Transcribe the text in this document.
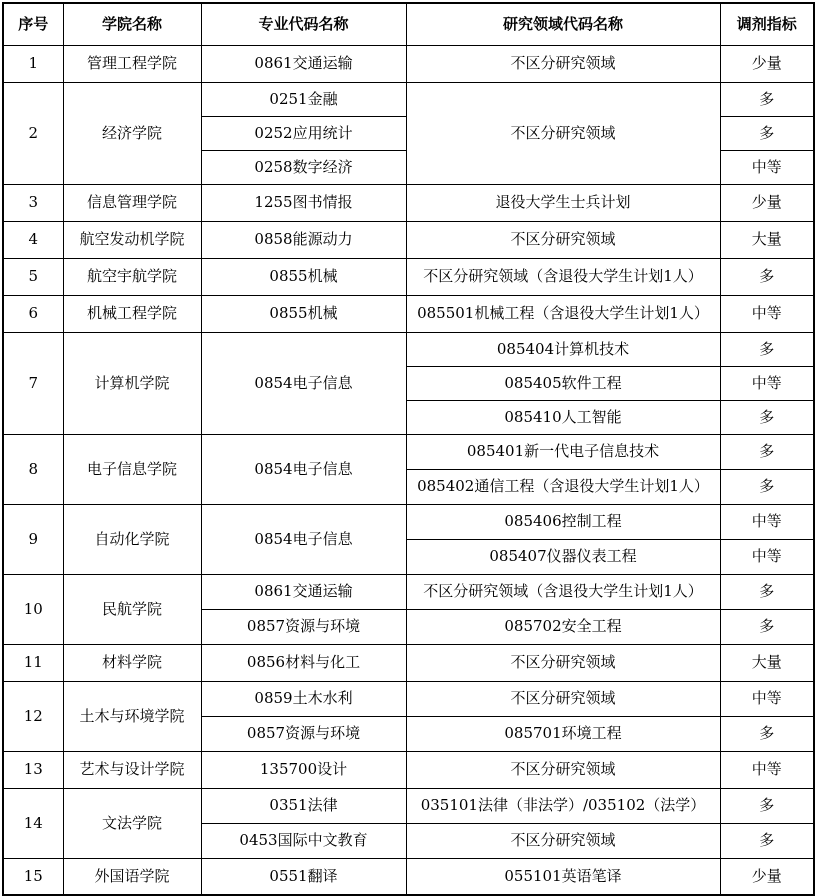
序号	学院名称	专业代码名称	研究领域代码名称	调剂指标
1	管理工程学院	0861交通运输	不区分研究领域	少量
2	经济学院	0251金融	不区分研究领域	多
		0252应用统计		多
		0258数字经济		中等
3	信息管理学院	1255图书情报	退役大学生士兵计划	少量
4	航空发动机学院	0858能源动力	不区分研究领域	大量
5	航空宇航学院	0855机械	不区分研究领域（含退役大学生计划1人）	多
6	机械工程学院	0855机械	085501机械工程（含退役大学生计划1人）	中等
7	计算机学院	0854电子信息	085404计算机技术	多
			085405软件工程	中等
			085410人工智能	多
8	电子信息学院	0854电子信息	085401新一代电子信息技术	多
			085402通信工程（含退役大学生计划1人）	多
9	自动化学院	0854电子信息	085406控制工程	中等
			085407仪器仪表工程	中等
10	民航学院	0861交通运输	不区分研究领域（含退役大学生计划1人）	多
		0857资源与环境	085702安全工程	多
11	材料学院	0856材料与化工	不区分研究领域	大量
12	土木与环境学院	0859土木水利	不区分研究领域	中等
		0857资源与环境	085701环境工程	多
13	艺术与设计学院	135700设计	不区分研究领域	中等
14	文法学院	0351法律	035101法律（非法学）/035102（法学）	多
		0453国际中文教育	不区分研究领域	多
15	外国语学院	0551翻译	055101英语笔译	少量
